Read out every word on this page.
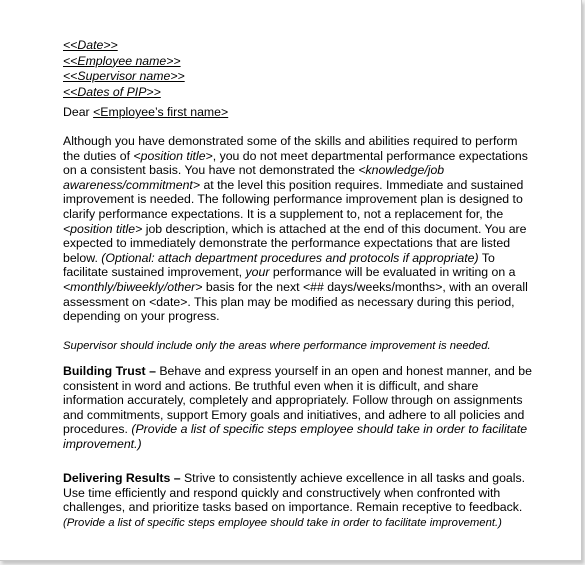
<<Date>>
<<Employee name>>
<<Supervisor name>>
<<Dates of PIP>>
Dear <Employee’s first name>
Although you have demonstrated some of the skills and abilities required to perform the duties of <position title>, you do not meet departmental performance expectations on a consistent basis. You have not demonstrated the <knowledge/job awareness/commitment> at the level this position requires. Immediate and sustained improvement is needed. The following performance improvement plan is designed to clarify performance expectations. It is a supplement to, not a replacement for, the <position title> job description, which is attached at the end of this document. You are expected to immediately demonstrate the performance expectations that are listed below. (Optional: attach department procedures and protocols if appropriate) To facilitate sustained improvement, your performance will be evaluated in writing on a <monthly/biweekly/other> basis for the next <## days/weeks/months>, with an overall assessment on <date>. This plan may be modified as necessary during this period, depending on your progress.
Supervisor should include only the areas where performance improvement is needed.
Building Trust – Behave and express yourself in an open and honest manner, and be consistent in word and actions. Be truthful even when it is difficult, and share information accurately, completely and appropriately. Follow through on assignments and commitments, support Emory goals and initiatives, and adhere to all policies and procedures. (Provide a list of specific steps employee should take in order to facilitate improvement.)
Delivering Results – Strive to consistently achieve excellence in all tasks and goals. Use time efficiently and respond quickly and constructively when confronted with challenges, and prioritize tasks based on importance. Remain receptive to feedback.
(Provide a list of specific steps employee should take in order to facilitate improvement.)
